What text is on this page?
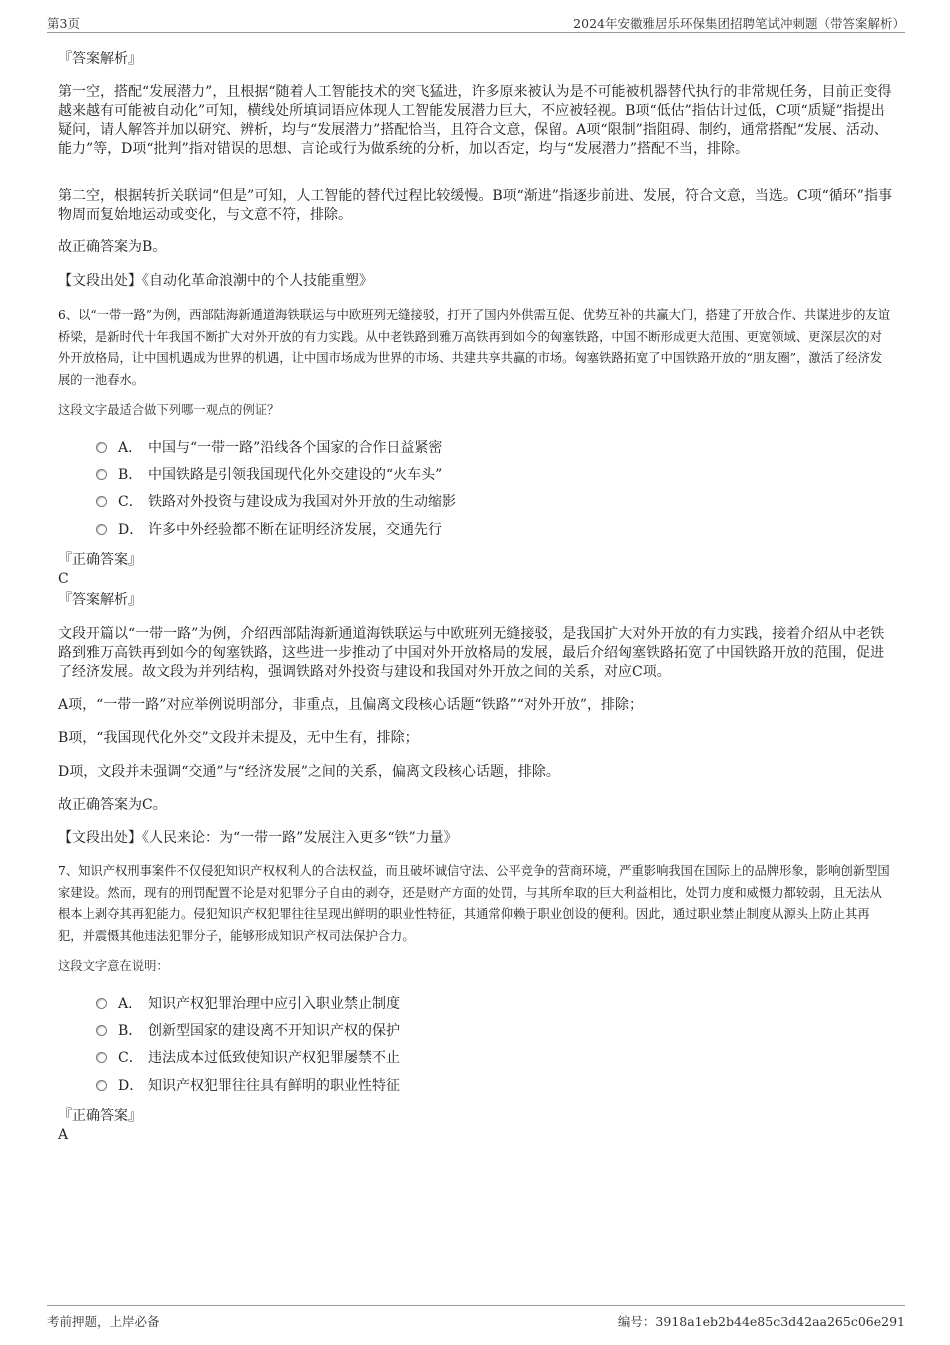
第3页	2024年安徽雅居乐环保集团招聘笔试冲刺题（带答案解析）

『答案解析』

第一空，搭配“发展潜力”，且根据“随着人工智能技术的突飞猛进，许多原来被认为是不可能被机器替代执行的非常规任务，目前正变得越来越有可能被自动化”可知，横线处所填词语应体现人工智能发展潜力巨大，不应被轻视。B项“低估”指估计过低，C项“质疑”指提出疑问，请人解答并加以研究、辨析，均与“发展潜力”搭配恰当，且符合文意，保留。A项“限制”指阻碍、制约，通常搭配“发展、活动、能力”等，D项“批判”指对错误的思想、言论或行为做系统的分析，加以否定，均与“发展潜力”搭配不当，排除。

第二空，根据转折关联词“但是”可知，人工智能的替代过程比较缓慢。B项“渐进”指逐步前进、发展，符合文意，当选。C项“循环”指事物周而复始地运动或变化，与文意不符，排除。

故正确答案为B。

【文段出处】《自动化革命浪潮中的个人技能重塑》

6、以“一带一路”为例，西部陆海新通道海铁联运与中欧班列无缝接驳，打开了国内外供需互促、优势互补的共赢大门，搭建了开放合作、共谋进步的友谊桥梁，是新时代十年我国不断扩大对外开放的有力实践。从中老铁路到雅万高铁再到如今的匈塞铁路，中国不断形成更大范围、更宽领域、更深层次的对外开放格局，让中国机遇成为世界的机遇，让中国市场成为世界的市场、共建共享共赢的市场。匈塞铁路拓宽了中国铁路开放的“朋友圈”，激活了经济发展的一池春水。

这段文字最适合做下列哪一观点的例证？

A． 中国与“一带一路”沿线各个国家的合作日益紧密
B． 中国铁路是引领我国现代化外交建设的“火车头”
C． 铁路对外投资与建设成为我国对外开放的生动缩影
D． 许多中外经验都不断在证明经济发展，交通先行

『正确答案』

C

『答案解析』

文段开篇以“一带一路”为例，介绍西部陆海新通道海铁联运与中欧班列无缝接驳，是我国扩大对外开放的有力实践，接着介绍从中老铁路到雅万高铁再到如今的匈塞铁路，这些进一步推动了中国对外开放格局的发展，最后介绍匈塞铁路拓宽了中国铁路开放的范围，促进了经济发展。故文段为并列结构，强调铁路对外投资与建设和我国对外开放之间的关系，对应C项。

A项，“一带一路”对应举例说明部分，非重点，且偏离文段核心话题“铁路”“对外开放”，排除；

B项，“我国现代化外交”文段并未提及，无中生有，排除；

D项，文段并未强调“交通”与“经济发展”之间的关系，偏离文段核心话题，排除。

故正确答案为C。

【文段出处】《人民来论：为“一带一路”发展注入更多“铁”力量》

7、知识产权刑事案件不仅侵犯知识产权权利人的合法权益，而且破坏诚信守法、公平竞争的营商环境，严重影响我国在国际上的品牌形象，影响创新型国家建设。然而，现有的刑罚配置不论是对犯罪分子自由的剥夺，还是财产方面的处罚，与其所牟取的巨大利益相比，处罚力度和威慑力都较弱，且无法从根本上剥夺其再犯能力。侵犯知识产权犯罪往往呈现出鲜明的职业性特征，其通常仰赖于职业创设的便利。因此，通过职业禁止制度从源头上防止其再犯，并震慑其他违法犯罪分子，能够形成知识产权司法保护合力。

这段文字意在说明：

A． 知识产权犯罪治理中应引入职业禁止制度
B． 创新型国家的建设离不开知识产权的保护
C． 违法成本过低致使知识产权犯罪屡禁不止
D． 知识产权犯罪往往具有鲜明的职业性特征

『正确答案』

A

考前押题，上岸必备	编号：3918a1eb2b44e85c3d42aa265c06e291
